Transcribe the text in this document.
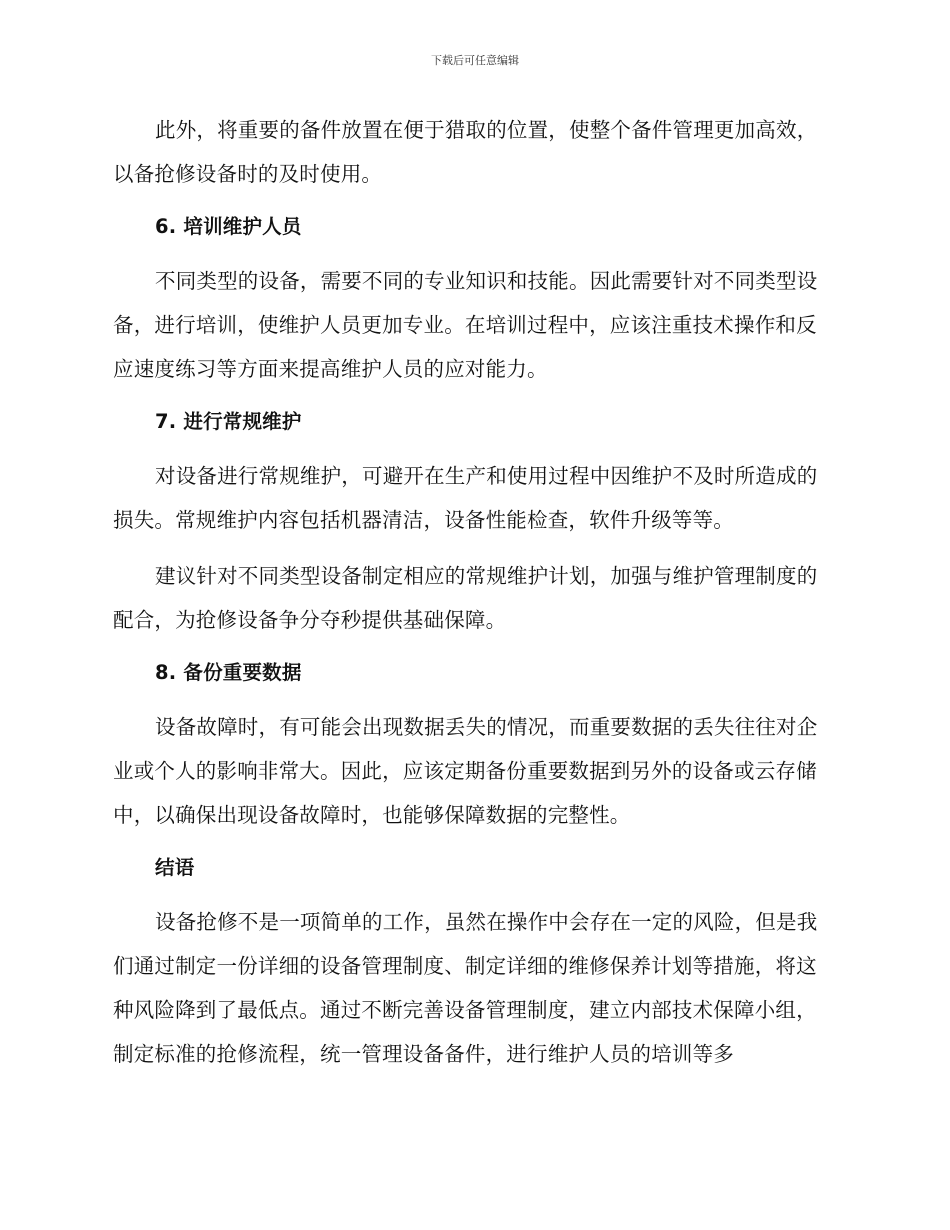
下载后可任意编辑

此外，将重要的备件放置在便于猎取的位置，使整个备件管理更加高效，以备抢修设备时的及时使用。

6. 培训维护人员

不同类型的设备，需要不同的专业知识和技能。因此需要针对不同类型设备，进行培训，使维护人员更加专业。在培训过程中，应该注重技术操作和反应速度练习等方面来提高维护人员的应对能力。

7. 进行常规维护

对设备进行常规维护，可避开在生产和使用过程中因维护不及时所造成的损失。常规维护内容包括机器清洁，设备性能检查，软件升级等等。

建议针对不同类型设备制定相应的常规维护计划，加强与维护管理制度的配合，为抢修设备争分夺秒提供基础保障。

8. 备份重要数据

设备故障时，有可能会出现数据丢失的情况，而重要数据的丢失往往对企业或个人的影响非常大。因此，应该定期备份重要数据到另外的设备或云存储中，以确保出现设备故障时，也能够保障数据的完整性。

结语

设备抢修不是一项简单的工作，虽然在操作中会存在一定的风险，但是我们通过制定一份详细的设备管理制度、制定详细的维修保养计划等措施，将这种风险降到了最低点。通过不断完善设备管理制度，建立内部技术保障小组，制定标准的抢修流程，统一管理设备备件，进行维护人员的培训等多
